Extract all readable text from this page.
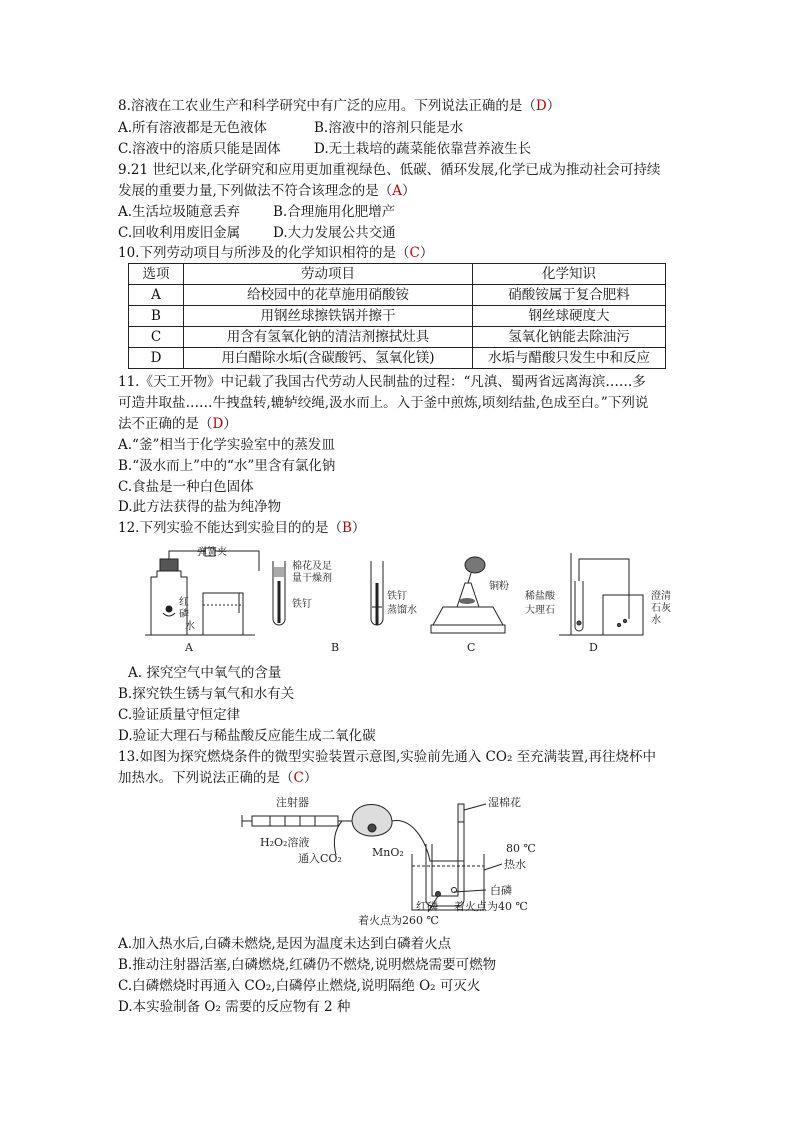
8.溶液在工农业生产和科学研究中有广泛的应用。下列说法正确的是（D）
A.所有溶液都是无色液体	B.溶液中的溶剂只能是水
C.溶液中的溶质只能是固体 D.无土栽培的蔬菜能依靠营养液生长
9.21 世纪以来,化学研究和应用更加重视绿色、低碳、循环发展,化学已成为推动社会可持续
发展的重要力量,下列做法不符合该理念的是（A）
A.生活垃圾随意丢弃 B.合理施用化肥增产
C.回收利用废旧金属 D.大力发展公共交通
10.下列劳动项目与所涉及的化学知识相符的是（C）
选项	劳动项目	化学知识
A	给校园中的花草施用硝酸铵	硝酸铵属于复合肥料
B	用钢丝球擦铁锅并擦干	钢丝球硬度大
C	用含有氢氧化钠的清洁剂擦拭灶具	氢氧化钠能去除油污
D	用白醋除水垢(含碳酸钙、氢氧化镁)	水垢与醋酸只发生中和反应
11.《天工开物》中记载了我国古代劳动人民制盐的过程：“凡滇、蜀两省远离海滨……多
可造井取盐……牛拽盘转,辘轳绞绳,汲水而上。入于釜中煎炼,顷刻结盐,色成至白。”下列说
法不正确的是（D）
A.“釜”相当于化学实验室中的蒸发皿
B.“汲水而上”中的“水”里含有氯化钠
C.食盐是一种白色固体
D.此方法获得的盐为纯净物
12.下列实验不能达到实验目的的是（B）
弹簧夹
红
磷
水
A
棉花及足
量干燥剂
铁钉
铁钉
蒸馏水
B
铜粉
C
稀盐酸
大理石
澄清
石灰
水
D
A. 探究空气中氧气的含量
B.探究铁生锈与氧气和水有关
C.验证质量守恒定律
D.验证大理石与稀盐酸反应能生成二氧化碳
13.如图为探究燃烧条件的微型实验装置示意图,实验前先通入 CO₂ 至充满装置,再往烧杯中
加热水。下列说法正确的是（C）
注射器
H₂O₂溶液
通入CO₂	MnO₂
湿棉花
80 ℃
热水
白磷
红磷 着火点为40 ℃
着火点为260 ℃
A.加入热水后,白磷未燃烧,是因为温度未达到白磷着火点
B.推动注射器活塞,白磷燃烧,红磷仍不燃烧,说明燃烧需要可燃物
C.白磷燃烧时再通入 CO₂,白磷停止燃烧,说明隔绝 O₂ 可灭火
D.本实验制备 O₂ 需要的反应物有 2 种
